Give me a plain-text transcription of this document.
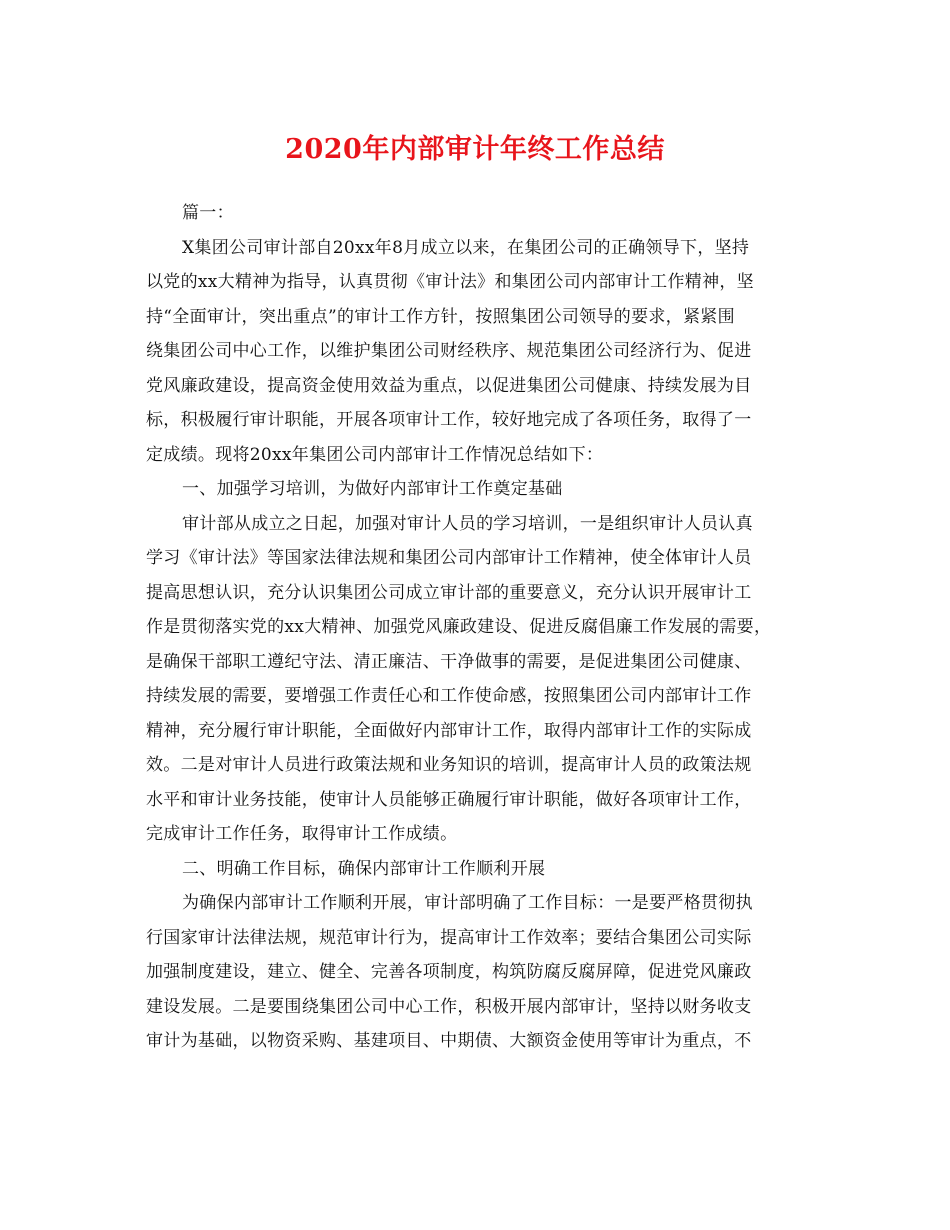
2020年内部审计年终工作总结
篇一：
X集团公司审计部自20xx年8月成立以来，在集团公司的正确领导下，坚持
以党的xx大精神为指导，认真贯彻《审计法》和集团公司内部审计工作精神，坚
持“全面审计，突出重点”的审计工作方针，按照集团公司领导的要求，紧紧围
绕集团公司中心工作，以维护集团公司财经秩序、规范集团公司经济行为、促进
党风廉政建设，提高资金使用效益为重点，以促进集团公司健康、持续发展为目
标，积极履行审计职能，开展各项审计工作，较好地完成了各项任务，取得了一
定成绩。现将20xx年集团公司内部审计工作情况总结如下：
一、加强学习培训，为做好内部审计工作奠定基础
审计部从成立之日起，加强对审计人员的学习培训，一是组织审计人员认真
学习《审计法》等国家法律法规和集团公司内部审计工作精神，使全体审计人员
提高思想认识，充分认识集团公司成立审计部的重要意义，充分认识开展审计工
作是贯彻落实党的xx大精神、加强党风廉政建设、促进反腐倡廉工作发展的需要，
是确保干部职工遵纪守法、清正廉洁、干净做事的需要，是促进集团公司健康、
持续发展的需要，要增强工作责任心和工作使命感，按照集团公司内部审计工作
精神，充分履行审计职能，全面做好内部审计工作，取得内部审计工作的实际成
效。二是对审计人员进行政策法规和业务知识的培训，提高审计人员的政策法规
水平和审计业务技能，使审计人员能够正确履行审计职能，做好各项审计工作，
完成审计工作任务，取得审计工作成绩。
二、明确工作目标，确保内部审计工作顺利开展
为确保内部审计工作顺利开展，审计部明确了工作目标：一是要严格贯彻执
行国家审计法律法规，规范审计行为，提高审计工作效率；要结合集团公司实际
加强制度建设，建立、健全、完善各项制度，构筑防腐反腐屏障，促进党风廉政
建设发展。二是要围绕集团公司中心工作，积极开展内部审计，坚持以财务收支
审计为基础，以物资采购、基建项目、中期债、大额资金使用等审计为重点，不
